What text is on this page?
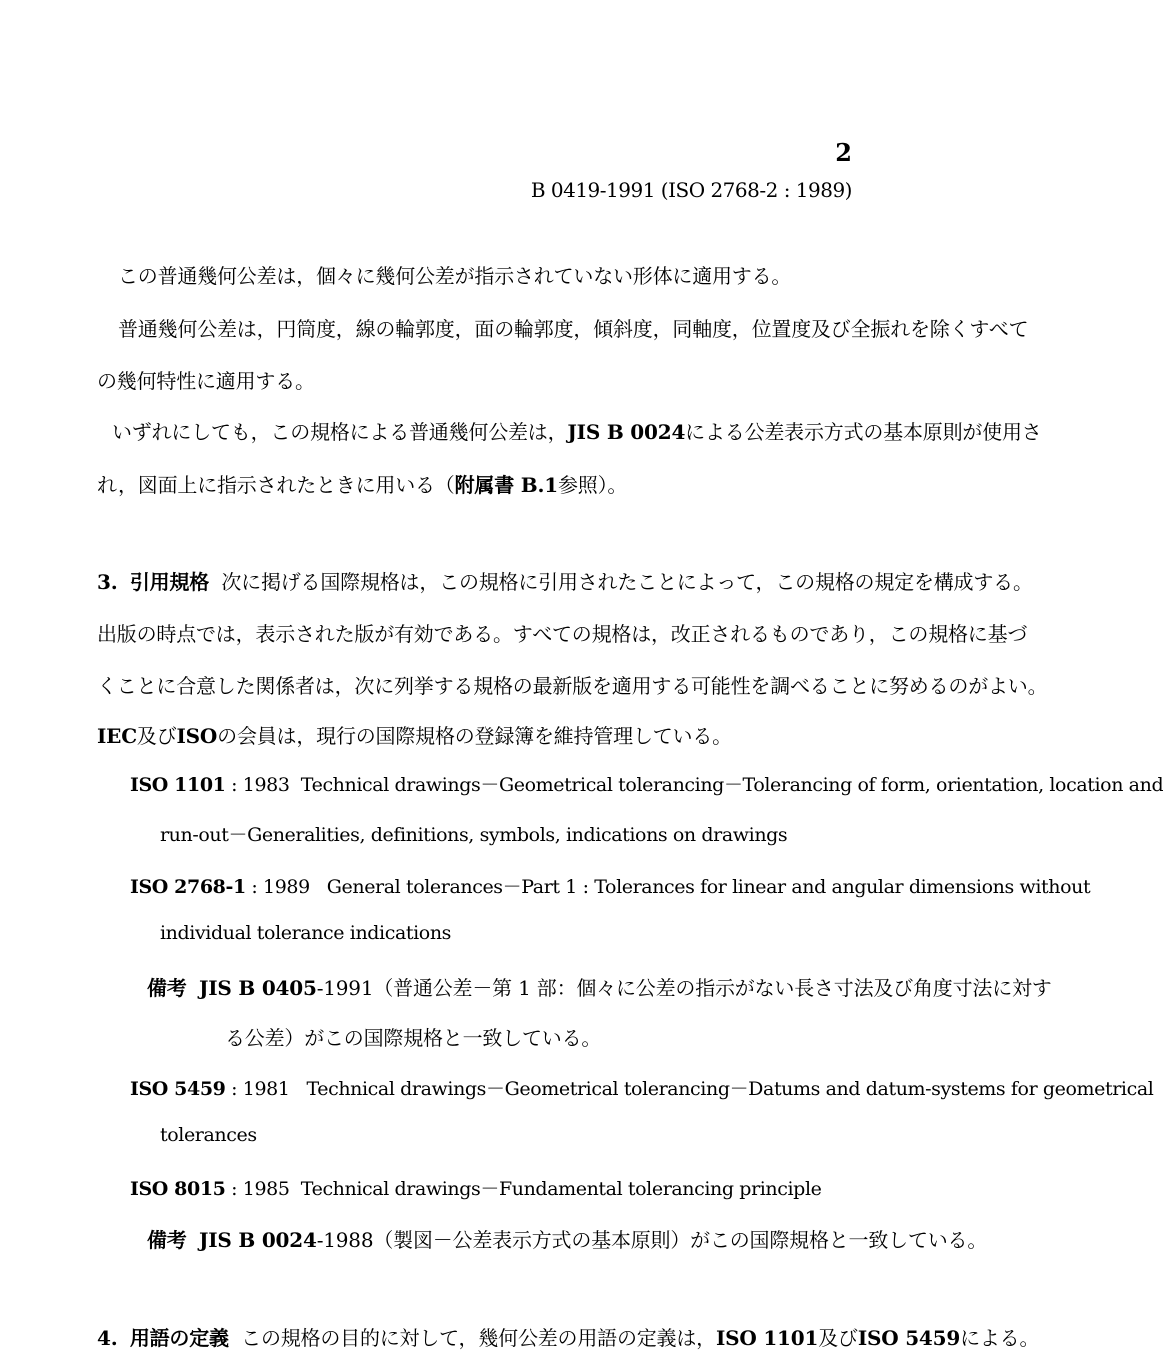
2
B 0419-1991 (ISO 2768-2 : 1989)
この普通幾何公差は，個々に幾何公差が指示されていない形体に適用する。
普通幾何公差は，円筒度，線の輪郭度，面の輪郭度，傾斜度，同軸度，位置度及び全振れを除くすべて
の幾何特性に適用する。
いずれにしても，この規格による普通幾何公差は，JIS B 0024による公差表示方式の基本原則が使用さ
れ，図面上に指示されたときに用いる（附属書 B.1参照）。
3. 引用規格 次に掲げる国際規格は，この規格に引用されたことによって，この規格の規定を構成する。
出版の時点では，表示された版が有効である。すべての規格は，改正されるものであり，この規格に基づ
くことに合意した関係者は，次に列挙する規格の最新版を適用する可能性を調べることに努めるのがよい。
IEC及びISOの会員は，現行の国際規格の登録簿を維持管理している。
ISO 1101 : 1983 Technical drawings－Geometrical tolerancing－Tolerancing of form, orientation, location and
run-out－Generalities, definitions, symbols, indications on drawings
ISO 2768-1 : 1989 General tolerances－Part 1 : Tolerances for linear and angular dimensions without
individual tolerance indications
備考 JIS B 0405-1991（普通公差－第 1 部：個々に公差の指示がない長さ寸法及び角度寸法に対す
る公差）がこの国際規格と一致している。
ISO 5459 : 1981 Technical drawings－Geometrical tolerancing－Datums and datum-systems for geometrical
tolerances
ISO 8015 : 1985 Technical drawings－Fundamental tolerancing principle
備考 JIS B 0024-1988（製図－公差表示方式の基本原則）がこの国際規格と一致している。
4. 用語の定義 この規格の目的に対して，幾何公差の用語の定義は，ISO 1101及びISO 5459による。
